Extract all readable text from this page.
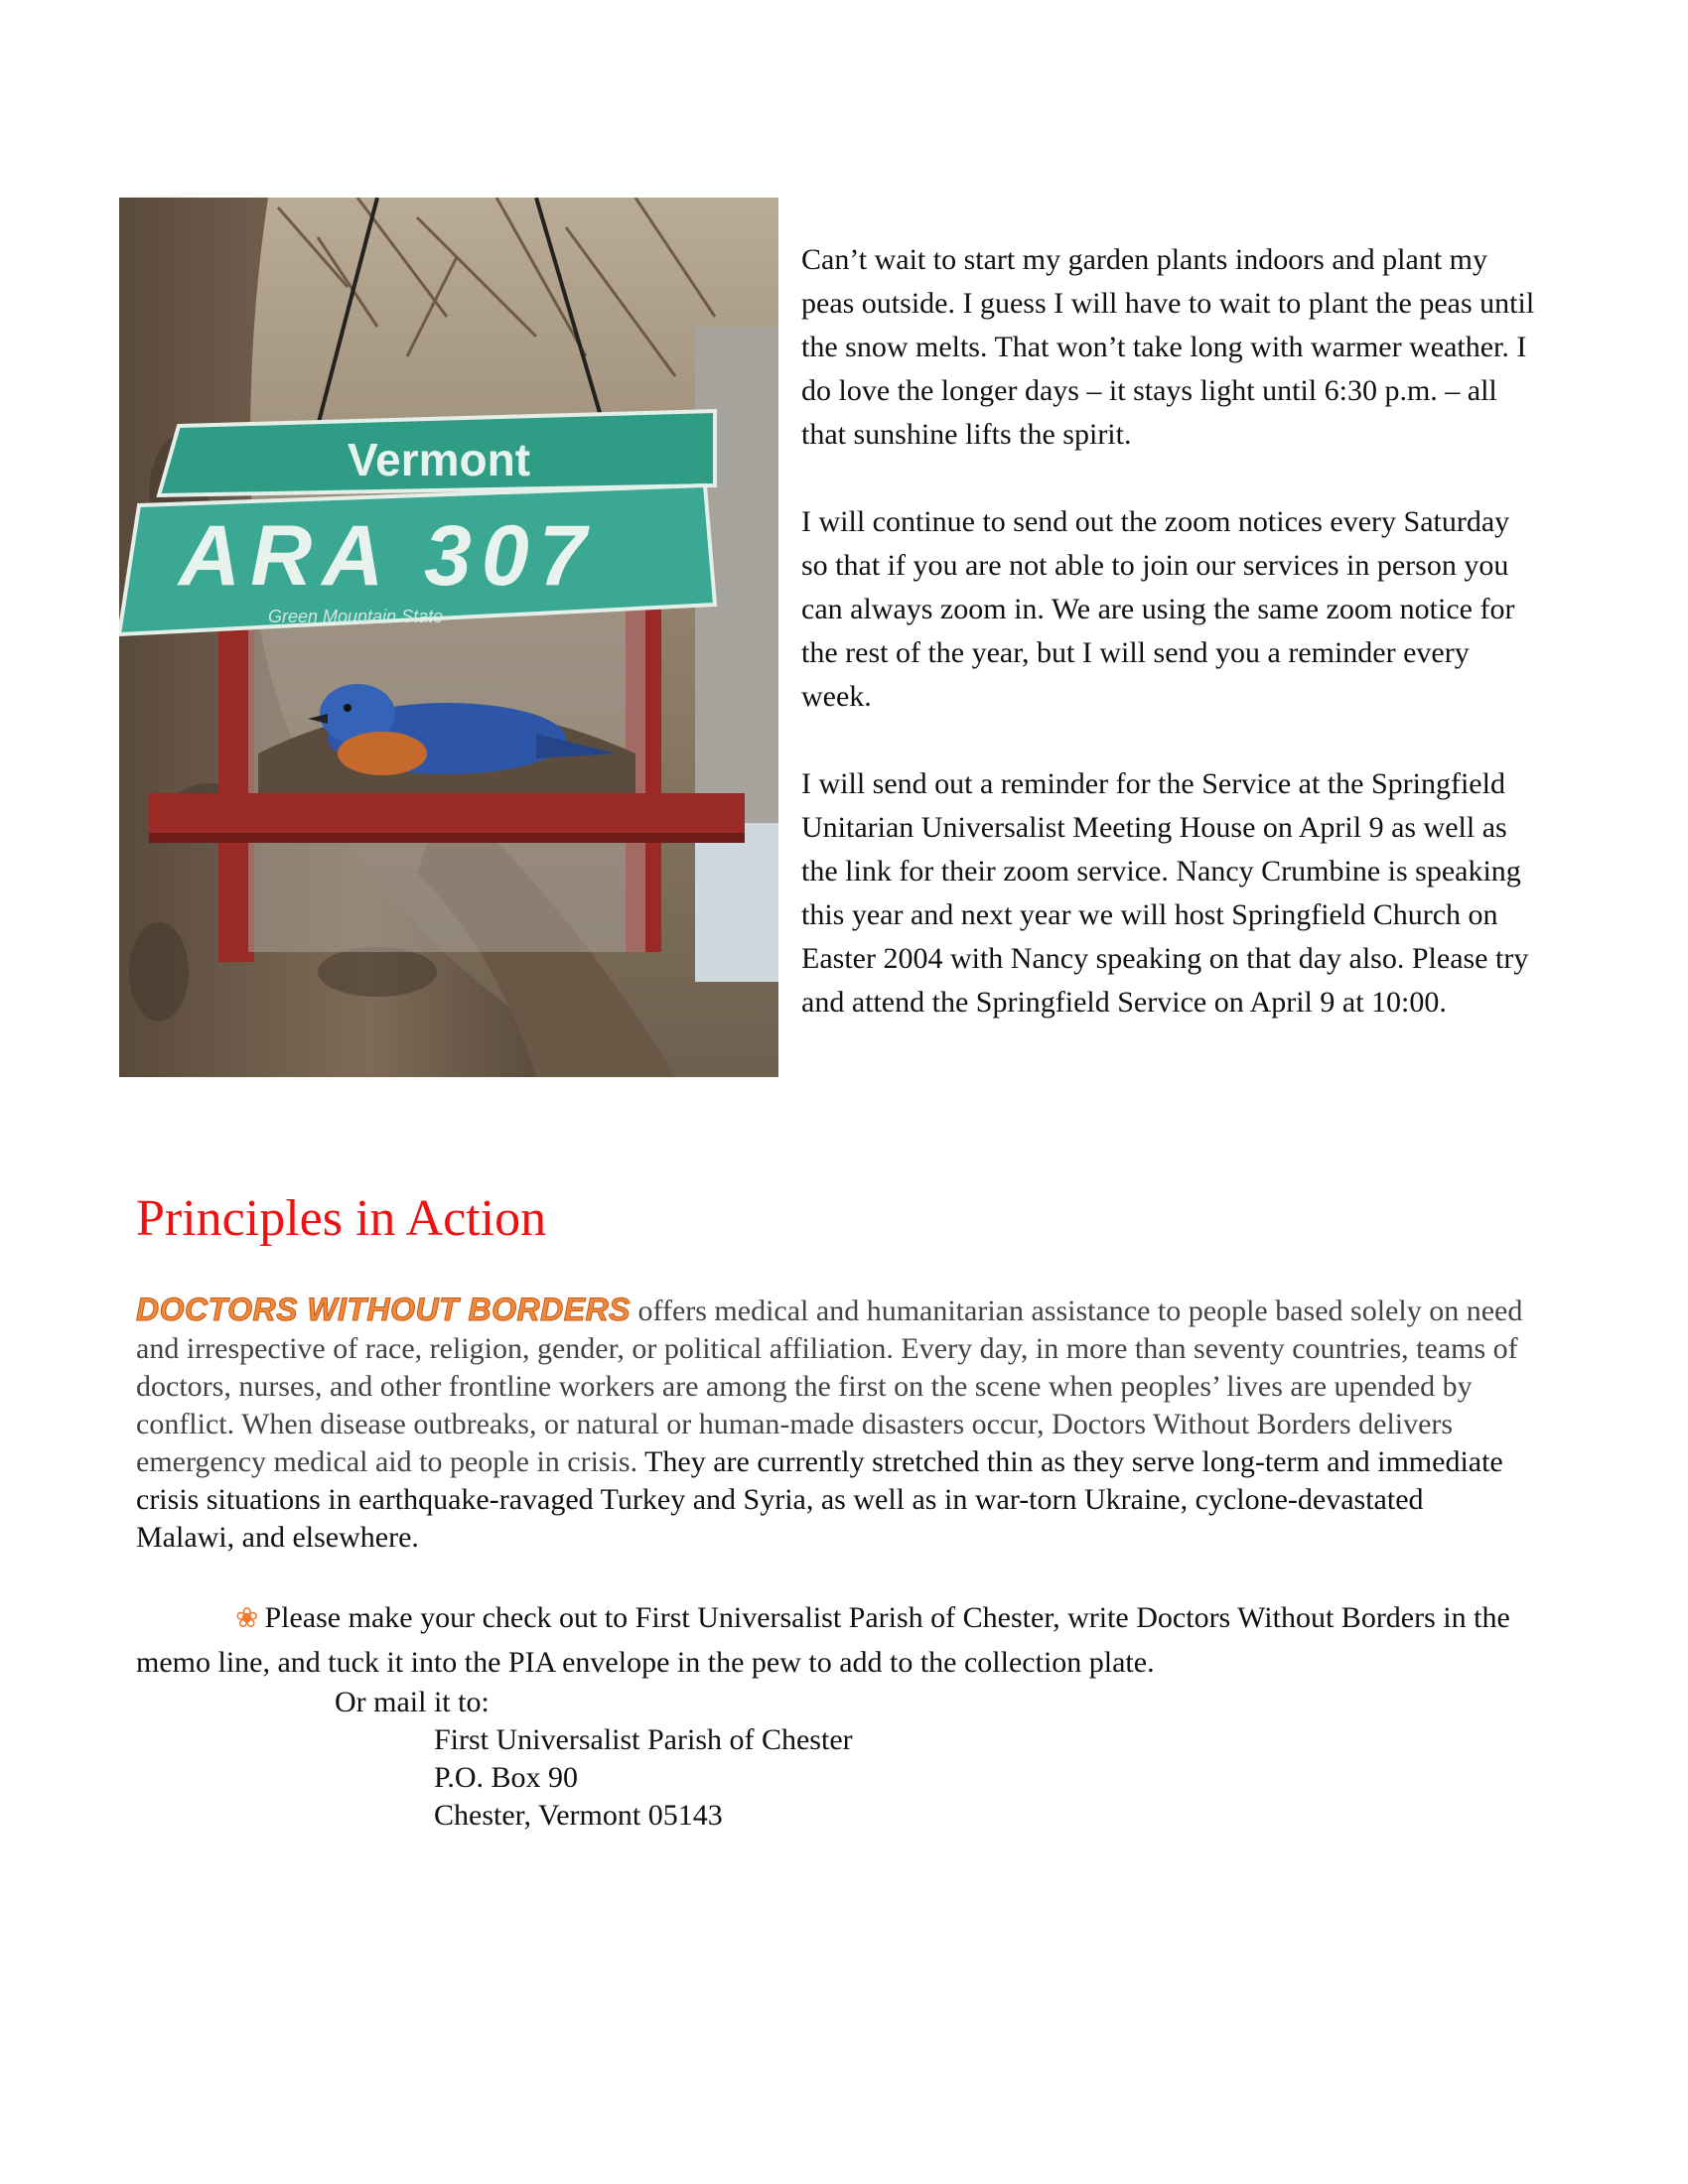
Vermont
ARA 307
Green Mountain State

Can’t wait to start my garden plants indoors and plant my peas outside. I guess I will have to wait to plant the peas until the snow melts. That won’t take long with warmer weather. I do love the longer days – it stays light until 6:30 p.m. – all that sunshine lifts the spirit.

I will continue to send out the zoom notices every Saturday so that if you are not able to join our services in person you can always zoom in. We are using the same zoom notice for the rest of the year, but I will send you a reminder every week.

I will send out a reminder for the Service at the Springfield Unitarian Universalist Meeting House on April 9 as well as the link for their zoom service. Nancy Crumbine is speaking this year and next year we will host Springfield Church on Easter 2004 with Nancy speaking on that day also. Please try and attend the Springfield Service on April 9 at 10:00.

Principles in Action

DOCTORS WITHOUT BORDERS offers medical and humanitarian assistance to people based solely on need and irrespective of race, religion, gender, or political affiliation. Every day, in more than seventy countries, teams of doctors, nurses, and other frontline workers are among the first on the scene when peoples’ lives are upended by conflict. When disease outbreaks, or natural or human-made disasters occur, Doctors Without Borders delivers emergency medical aid to people in crisis. They are currently stretched thin as they serve long-term and immediate crisis situations in earthquake-ravaged Turkey and Syria, as well as in war-torn Ukraine, cyclone-devastated Malawi, and elsewhere.

❀ Please make your check out to First Universalist Parish of Chester, write Doctors Without Borders in the memo line, and tuck it into the PIA envelope in the pew to add to the collection plate.

Or mail it to:
First Universalist Parish of Chester
P.O. Box 90
Chester, Vermont 05143
